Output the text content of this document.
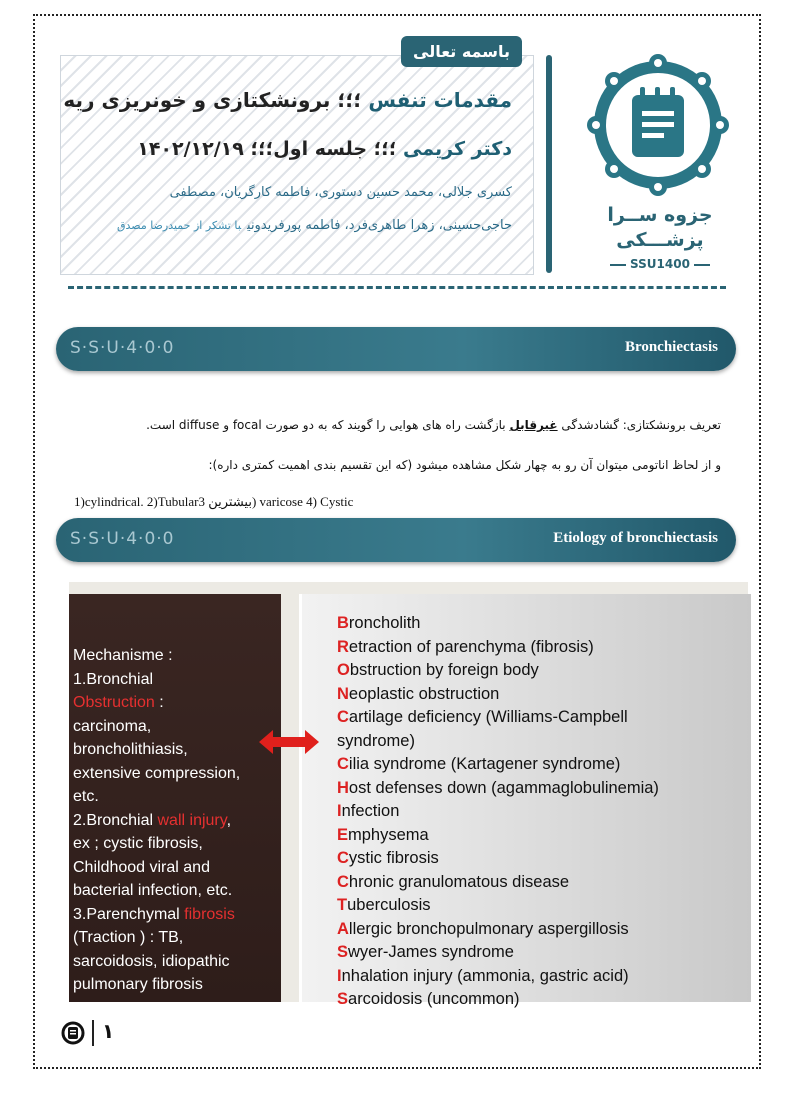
باسمه تعالی
مقدمات تنفس ؛؛؛ برونشکتازی و خونریزی ریه
دکتر کریمی ؛؛؛ جلسه اول؛؛؛ ۱۴۰۲/۱۲/۱۹
کسری جلالی، محمد حسین دستوری، فاطمه کارگریان، مصطفی
حاجی‌حسینی، زهرا طاهری‌فرد، فاطمه پورفریدونیبا تشکر از حمیدرضا مصدق	جزوه ســرا
پزشـــکی
SSU1400
S·S·U·4·0·0	Bronchiectasis
تعریف برونشکتازی: گشادشدگی غیرقابل بازگشت راه های هوایی را گویند که به دو صورت focal و diffuse است.
و از لحاظ اناتومی میتوان آن رو به چهار شکل مشاهده میشود (که این تقسیم بندی اهمیت کمتری داره):
1)cylindrical. 2)Tubularبیشترین 3) varicose 4) Cystic
S·S·U·4·0·0	Etiology of bronchiectasis
Mechanisme :
1.Bronchial
Obstruction :
carcinoma,
broncholithiasis,
extensive compression,
etc.
2.Bronchial wall injury,
ex ; cystic fibrosis,
Childhood viral and
bacterial infection, etc.
3.Parenchymal fibrosis
(Traction ) : TB,
sarcoidosis, idiopathic
pulmonary fibrosis
Broncholith
Retraction of parenchyma (fibrosis)
Obstruction by foreign body
Neoplastic obstruction
Cartilage deficiency (Williams-Campbell
syndrome)
Cilia syndrome (Kartagener syndrome)
Host defenses down (agammaglobulinemia)
Infection
Emphysema
Cystic fibrosis
Chronic granulomatous disease
Tuberculosis
Allergic bronchopulmonary aspergillosis
Swyer-James syndrome
Inhalation injury (ammonia, gastric acid)
Sarcoidosis (uncommon)
۱
